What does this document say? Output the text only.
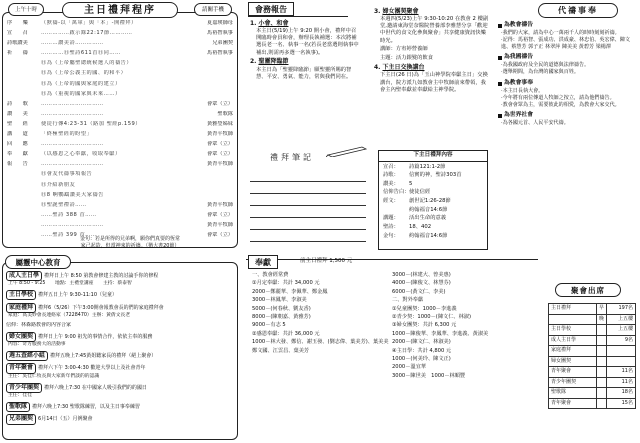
上午十時	主日禮拜程序	請關手機
序　　樂	（默禱-以「萬軍」與「本」-開禮拜）	夏嘉瑛師母
宣　　召	……………啟示錄22:17節…………	馬裕智執事
詩歌讚美	………讚美詩……………	兄弟團契
祈　　禱	…………Ⓗ聖詩611首Ⓗ同……	馬裕智執事
Ⓗ為（上帝屬聖總統候選人的禱告）
Ⓗ為（上帝公義主的國、的和平）
Ⓗ為（上帝的國與家庭的建立）
Ⓗ為（重視的國家與未來……）
詩　　歌	……………………………	會眾（立）
讚　　美	……………………………	聖歌隊
聖　　經	使徒行傳4:23-31（路加 聖經p.159）	黃雅瑩姊妹
講　　道	「終極聖經的盼望」	黃青平牧師
回　　應	……………………………	會眾（立）
奉　　獻	（以感恩之心奉獻，收取奉獻）	會眾（立）
報　　告	……………………………	黃青平牧師
Ⓗ會友代禱事項報告
Ⓗ介紹新朋友
Ⓗ8 啊鸚鵡讚美大家禱告
Ⓗ聖誕聖禮詩……	黃青平牧師
……聖詩 388 首……	會眾（立）
……………………………	黃青平牧師
……聖詩 399 首……	會眾（立）
金句：若是所得的兄弟啊，願你們真要的恆常
家己起造，但當神來的祈禱。（猶大書20節）
屬靈中心教育
成人主日學 禮拜日上午 8:50 第教會修建主教的討論手你的修程
上午 8:50 - 9:25　　地點：主禮堂講座　　主持：蔡泰智
主日學校 禮拜五日上午 9:30-11:10（兒童）
家庭禮拜 禮拜6（5/26）下午3:00開會報教會長的們的家庭禮拜會
家庭：高美妙會長連絡家（7228470）主辦：黃倩文長老
信仰：林森路教會的內容合家
婦女團契 禮拜日上午 9:00 祖先的事情合作，依依主奉的服務
內容：奇方服務大的活動事
週五查經小組 禮拜五晚上7:45黃姐聽家長的禮拜（絕上聚會）
青年聚會 禮拜六下午 3:00-4:30 歡迎大學以上及社會青年
主任：吳佳仁牧長與大家新年們談的的認識
青少年團契 禮拜六晚上7:30 在中國家人吸引我們的的國日
主任：佳佳
聖歌隊 禮拜六晚上7:30 聖歌隊練習，以及主日事奉練習
兄弟團契 6月14日（五）月例聚會
會務報告

1. 小會、和會
本主日(5/19)上午 9:20 開小會，禮拜中召開臨時會員和會，辦理長執補選：本次將補選長老一名、執事一名(若長老當選則執事中補出,則需再多選一名執事)。

2. 聖靈降臨節
本主日為「聖靈降臨節」願聖靈所賜的智慧、平安、勇氣、能力，常與我們同在。

3. 婦女團契聚會
本週四(5/23)上午 9:30-10:20 在教會 2 樓副堂,邀請東海堂奈醫院營養部李雅慧分享「歡迎中世代的食文化參與聚會」共享健康資訊快樂時光。

講師：方宥婷營養師

主題：活力銀髮的飲食

4. 下主日交換講台
下主日(26 日)為「玉山神學院奉獻主日」交換講台，院方派九如教會主中牧師前來帶領，我會主內聖奉獻並奉獻給主神學院。

禮拜筆記	下主日禮拜內容
宣召： 詩篇121:1-2節
詩歌： 信實的神，聖詩303首
讚美： 5
信仰告白：使徒信經
經文： 創世記1:26-28節
約翰福音14:6節
講題： 活出生命的意義
聖詩： 18、402
金句： 約翰福音14:6節
代禱事奉
為教會禱告
‧我們的大家，請為中心一萬兩千人的時時刻刻祈禱。
‧記得：馬裕智、張成功、洪成豪、林忠伯、吳宏偉、陳文進、蔡慧芳 郭子正 林翠萍 陳美美 黃碧芳 梁楊澤
為我國禱告
‧為我國政府及全民的道德與法律禱告。
‧選舉期間，為台灣的國家與百姓。
為教會事奉
‧本主日長執大會。
‧今年將有兩位傳道人牧師之按立，請為他們禱告。
‧教會會眾為主，需要彼此的相愛，為教會大家交代。
為世界社會
‧為各國元首、人民平安代禱。
奉獻	前主日禮拜 1,500 元
一、教會經常費
①月定奉獻：共計 34,000 元
2000－鄭麗華、李佩華、鄭金鳳
3000－林鳳華、李淑美
5000－(何春秋、劉友香)
8000－(陳朝嘉、黃雅芳)
9000－有志 5
②感恩奉獻：共計 36,000 元
1000－林大發、鄭信、謝玉發、(劉志偉、葉美芳)、葉美美
鄭文國、江雲昌、葉美芳
3000－(林建大、曾美惠)
4000－(陳俊文、林慧芬)
6000－(黃文仁、李美)
二、對外奉獻
①兒童團契：1000－李進義
②青少契：1000－(陳文仁、林淑)
③婦女團契：共計 6,300 元
1000－陳俊華、李鳳華、李進義、黃淑美
2000－(陳文仁、林淑美)
④主日學：共計 4,800 元
1000－(何美玲、陳文正)
2000－溫宜華
3000－陳世美　1000－林順豐
聚會出席
主日禮拜	早	197名
	晚	上五樓
主日學校		上五樓
成人主日學		9名
家庭禮拜		
婦女團契		
青年聚會		11名
青少年團契		11名
聖歌隊		18名
青年聚會		15名
